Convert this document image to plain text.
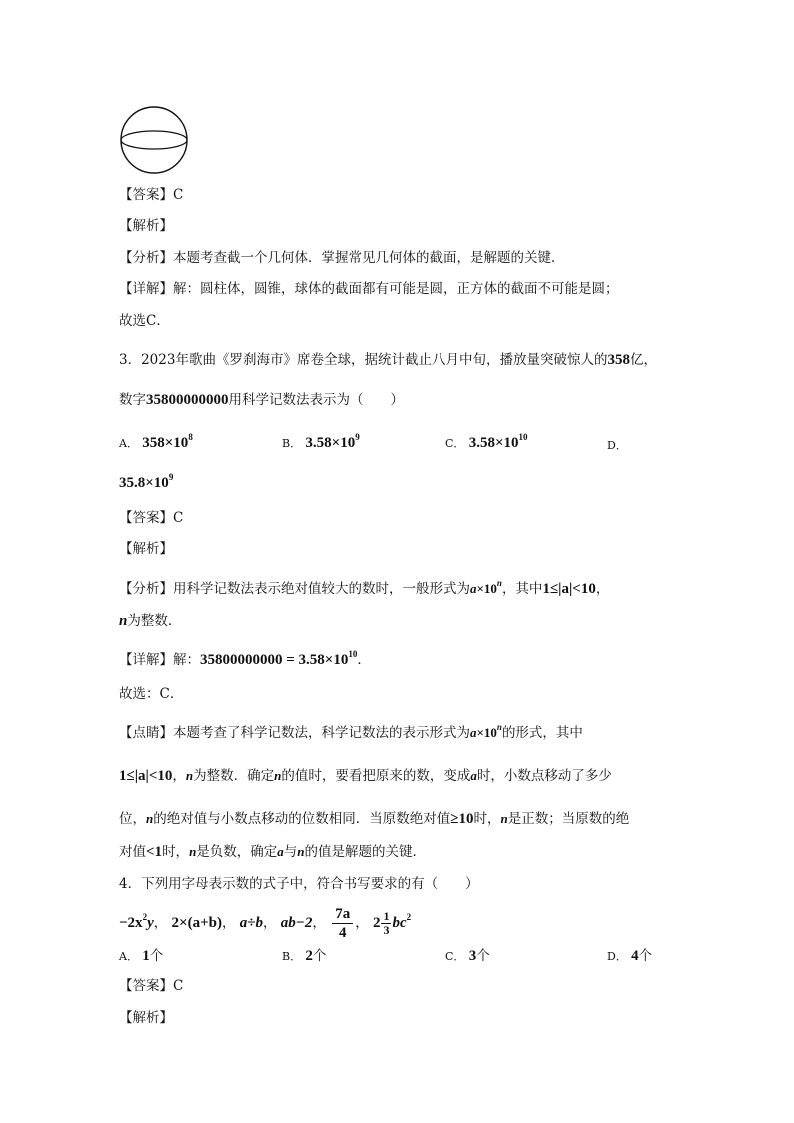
【答案】C
【解析】
【分析】本题考查截一个几何体．掌握常见几何体的截面，是解题的关键．
【详解】解：圆柱体，圆锥，球体的截面都有可能是圆，正方体的截面不可能是圆；
故选C．
3．2023年歌曲《罗刹海市》席卷全球，据统计截止八月中旬，播放量突破惊人的358亿，
数字35800000000用科学记数法表示为（　　）
A． $358\times 10^8$	B． $3.58\times 10^9$	C． $3.58\times 10^{10}$
D．
$35.8\times 10^9$
【答案】C
【解析】
【分析】用科学记数法表示绝对值较大的数时，一般形式为$a\times 10^n$，其中1≤|a|<10，
n为整数．
【详解】解：$35800000000 = 3.58\times 10^{10}$．
故选：C．
【点睛】本题考查了科学记数法，科学记数法的表示形式为$a\times 10^n$的形式，其中
1≤|a|<10，n为整数．确定n的值时，要看把原来的数，变成a时，小数点移动了多少
位，n的绝对值与小数点移动的位数相同．当原数绝对值≥10时，n是正数；当原数的绝
对值<1时，n是负数，确定a与n的值是解题的关键．
4．下列用字母表示数的式子中，符合书写要求的有（　　）
$-2x^2y$， 2×(a+b)， a÷b， ab−2， $\frac{7a}{4}$ ， $2 \frac{1}{3} bc^2$
A． 1个	B． 2个	C． 3个	D． 4个
【答案】C
【解析】
